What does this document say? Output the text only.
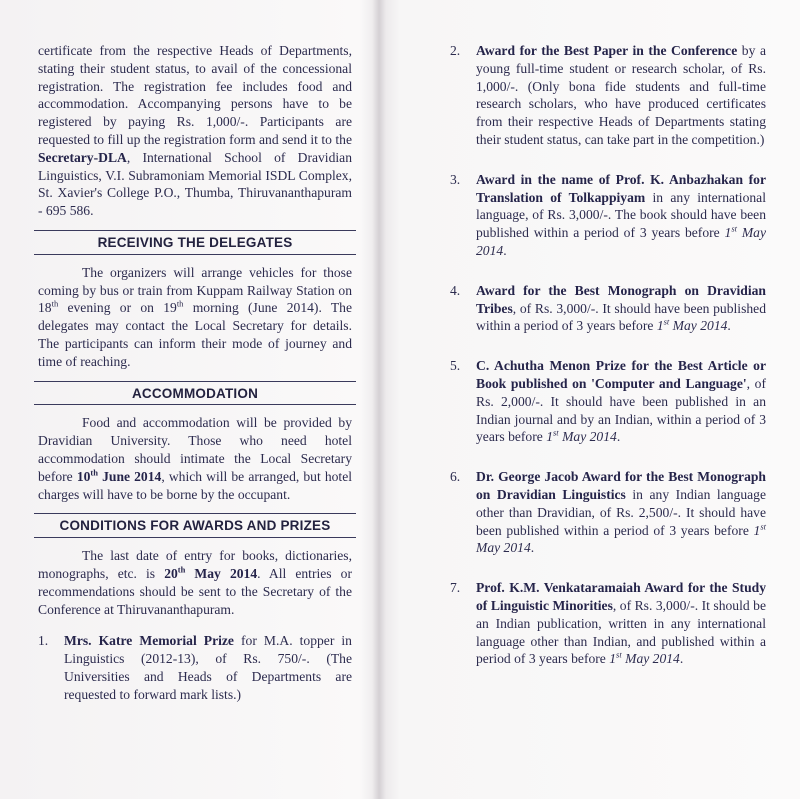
certificate from the respective Heads of Departments, stating their student status, to avail of the concessional registration. The registration fee includes food and accommodation. Accompanying persons have to be registered by paying Rs. 1,000/-. Participants are requested to fill up the registration form and send it to the Secretary-DLA, International School of Dravidian Linguistics, V.I. Subramoniam Memorial ISDL Complex, St. Xavier's College P.O., Thumba, Thiruvananthapuram - 695 586.

RECEIVING THE DELEGATES

The organizers will arrange vehicles for those coming by bus or train from Kuppam Railway Station on 18th evening or on 19th morning (June 2014). The delegates may contact the Local Secretary for details. The participants can inform their mode of journey and time of reaching.

ACCOMMODATION

Food and accommodation will be provided by Dravidian University. Those who need hotel accommodation should intimate the Local Secretary before 10th June 2014, which will be arranged, but hotel charges will have to be borne by the occupant.

CONDITIONS FOR AWARDS AND PRIZES

The last date of entry for books, dictionaries, monographs, etc. is 20th May 2014. All entries or recommendations should be sent to the Secretary of the Conference at Thiruvananthapuram.

1. Mrs. Katre Memorial Prize for M.A. topper in Linguistics (2012-13), of Rs. 750/-. (The Universities and Heads of Departments are requested to forward mark lists.)
2. Award for the Best Paper in the Conference by a young full-time student or research scholar, of Rs. 1,000/-. (Only bona fide students and full-time research scholars, who have produced certificates from their respective Heads of Departments stating their student status, can take part in the competition.)
3. Award in the name of Prof. K. Anbazhakan for Translation of Tolkappiyam in any international language, of Rs. 3,000/-. The book should have been published within a period of 3 years before 1st May 2014.
4. Award for the Best Monograph on Dravidian Tribes, of Rs. 3,000/-. It should have been published within a period of 3 years before 1st May 2014.
5. C. Achutha Menon Prize for the Best Article or Book published on 'Computer and Language', of Rs. 2,000/-. It should have been published in an Indian journal and by an Indian, within a period of 3 years before 1st May 2014.
6. Dr. George Jacob Award for the Best Monograph on Dravidian Linguistics in any Indian language other than Dravidian, of Rs. 2,500/-. It should have been published within a period of 3 years before 1st May 2014.
7. Prof. K.M. Venkataramaiah Award for the Study of Linguistic Minorities, of Rs. 3,000/-. It should be an Indian publication, written in any international language other than Indian, and published within a period of 3 years before 1st May 2014.
